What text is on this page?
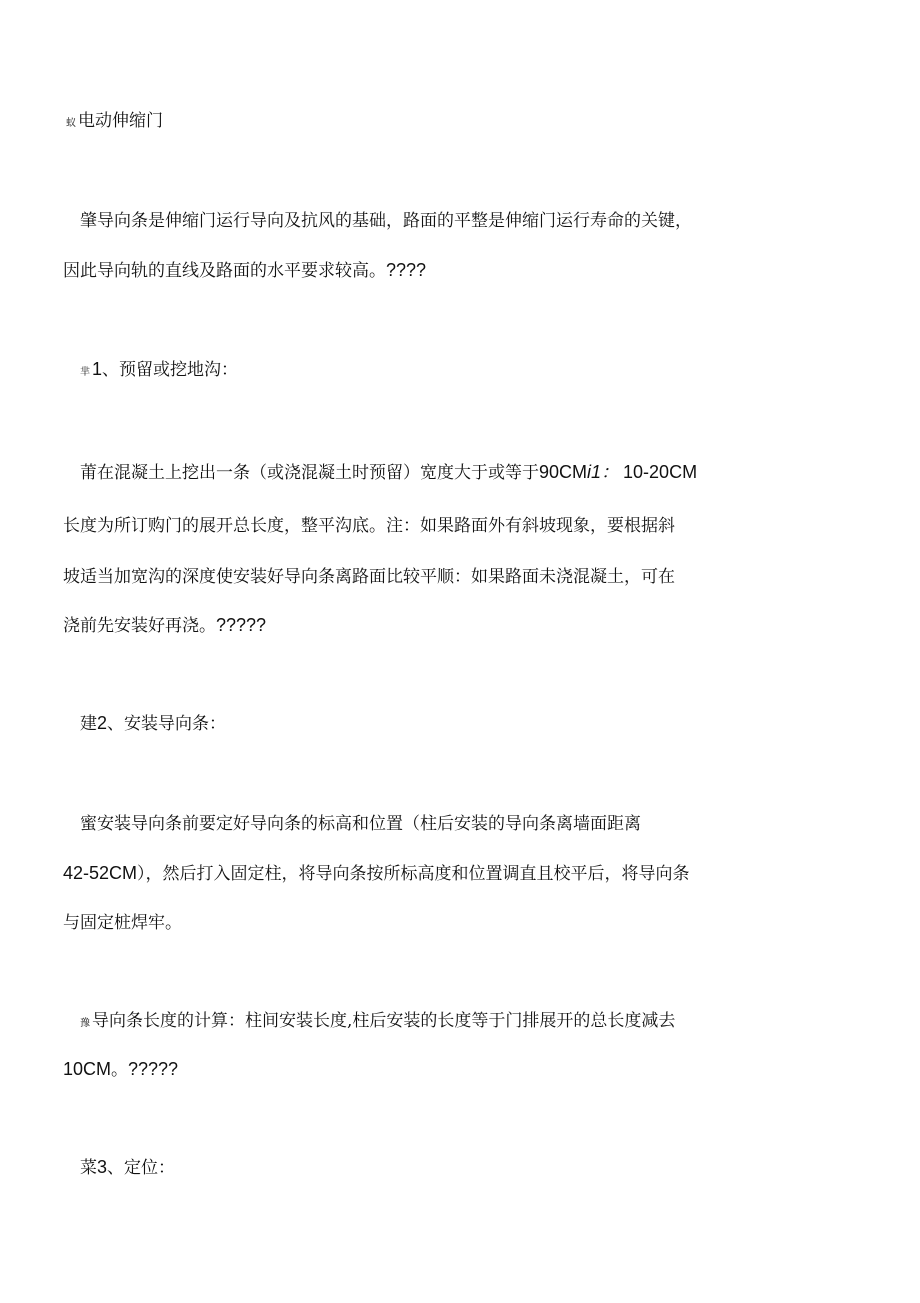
蚁 电动伸缩门
肇导向条是伸缩门运行导向及抗风的基础，路面的平整是伸缩门运行寿命的关键，
因此导向轨的直线及路面的水平要求较高。????
芈 1、预留或挖地沟：
莆在混凝土上挖出一条（或浇混凝土时预留）宽度大于或等于90CMi1： 10-20CM
长度为所订购门的展开总长度，整平沟底。注：如果路面外有斜坡现象，要根据斜
坡适当加宽沟的深度使安装好导向条离路面比较平顺：如果路面未浇混凝土，可在
浇前先安装好再浇。?????
建2、安装导向条：
蜜安装导向条前要定好导向条的标高和位置（柱后安装的导向条离墙面距离
42-52CM），然后打入固定柱，将导向条按所标高度和位置调直且校平后，将导向条
与固定桩焊牢。
豫 导向条长度的计算：柱间安装长度,柱后安装的长度等于门排展开的总长度减去
10CM。?????
菜3、定位：
